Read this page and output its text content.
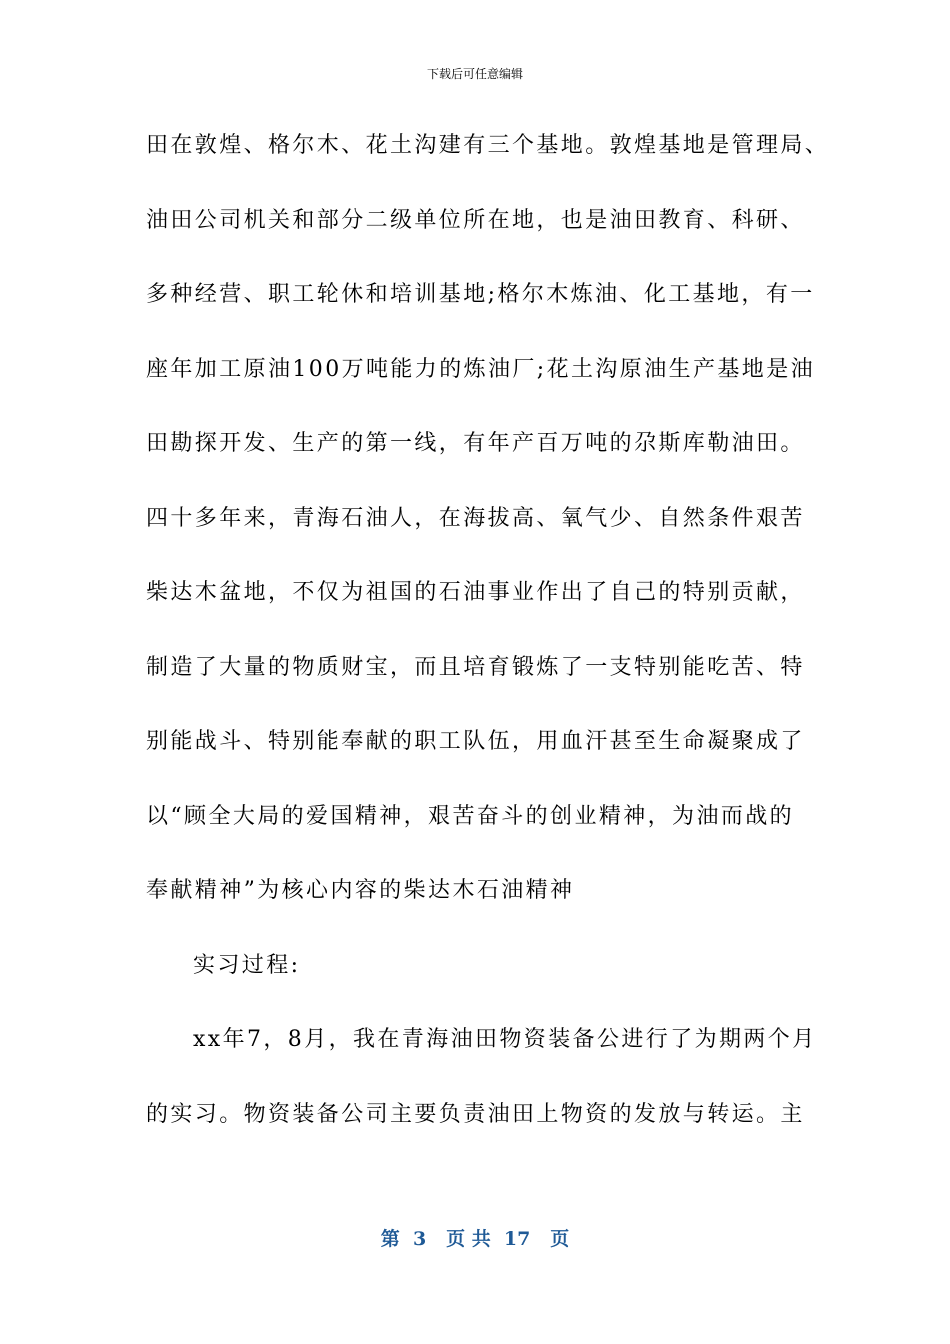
下载后可任意编辑
田在敦煌、格尔木、花土沟建有三个基地。敦煌基地是管理局、
油田公司机关和部分二级单位所在地，也是油田教育、科研、
多种经营、职工轮休和培训基地;格尔木炼油、化工基地，有一
座年加工原油100万吨能力的炼油厂;花土沟原油生产基地是油
田勘探开发、生产的第一线，有年产百万吨的尕斯库勒油田。
四十多年来，青海石油人，在海拔高、氧气少、自然条件艰苦
柴达木盆地，不仅为祖国的石油事业作出了自己的特别贡献，
制造了大量的物质财宝，而且培育锻炼了一支特别能吃苦、特
别能战斗、特别能奉献的职工队伍，用血汗甚至生命凝聚成了
以“顾全大局的爱国精神，艰苦奋斗的创业精神，为油而战的
奉献精神”为核心内容的柴达木石油精神
实习过程:
xx年7，8月，我在青海油田物资装备公进行了为期两个月
的实习。物资装备公司主要负责油田上物资的发放与转运。主
第  3   页 共  17   页
